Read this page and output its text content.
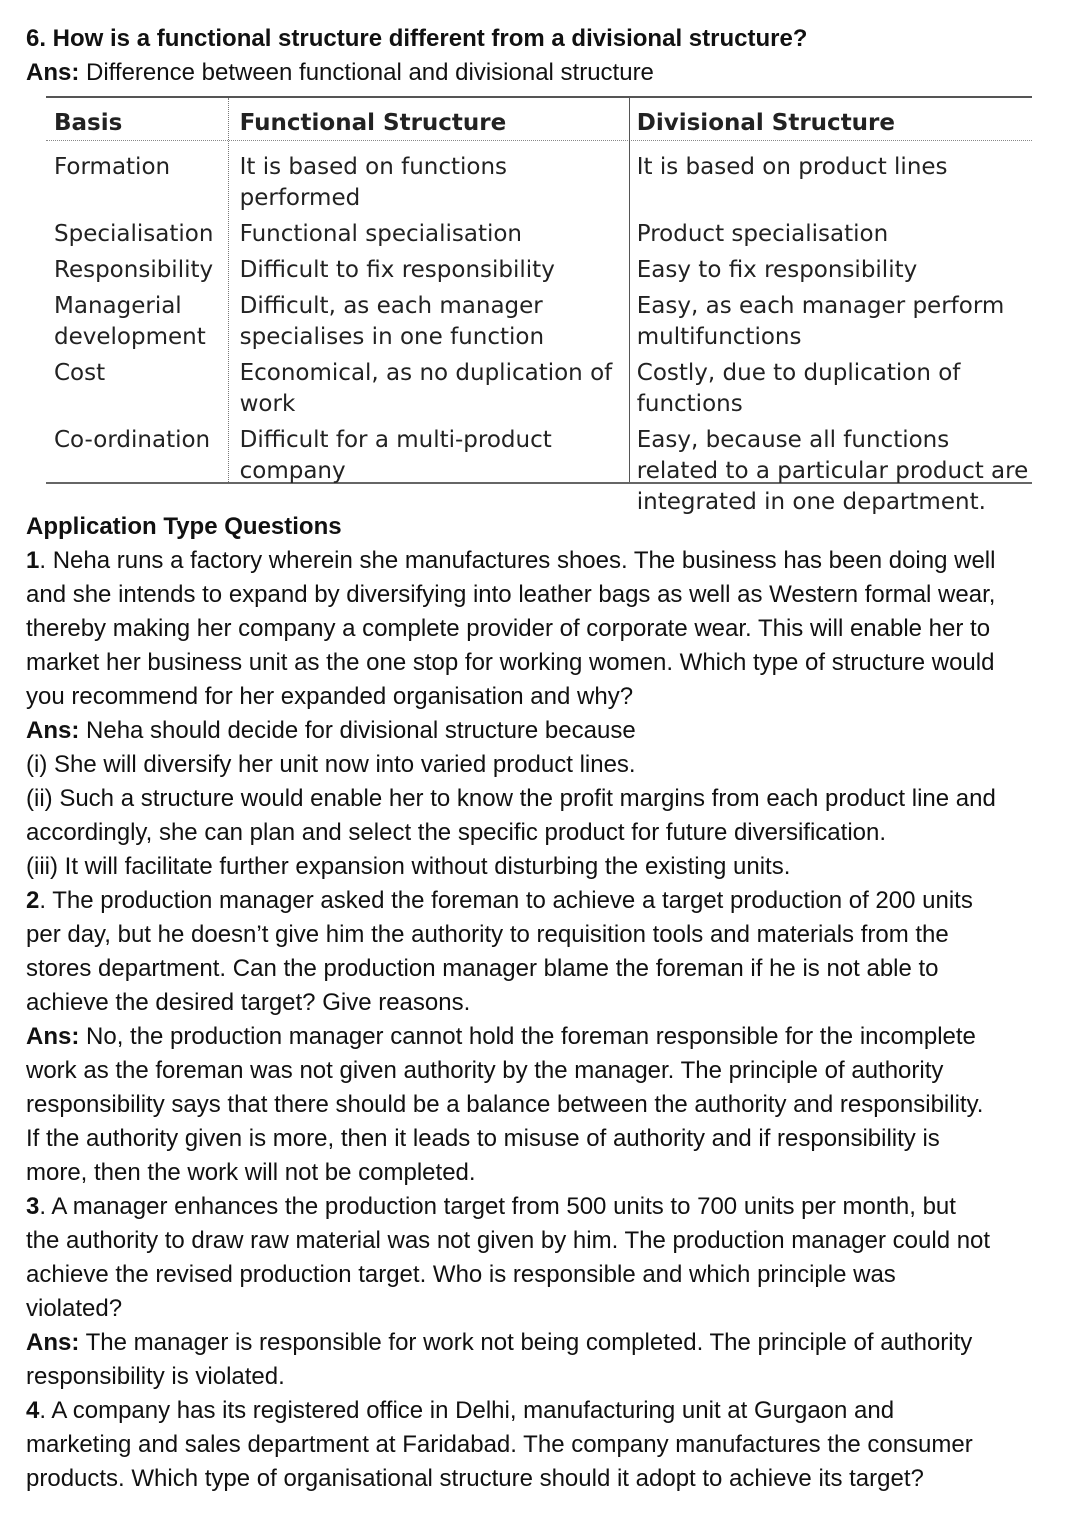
6. How is a functional structure different from a divisional structure?

Ans: Difference between functional and divisional structure

Basis	Functional Structure	Divisional Structure
Formation	It is based on functions performed	It is based on product lines
Specialisation	Functional specialisation	Product specialisation
Responsibility	Difficult to fix responsibility	Easy to fix responsibility
Managerial development	Difficult, as each manager specialises in one function	Easy, as each manager perform multifunctions
Cost	Economical, as no duplication of work	Costly, due to duplication of functions
Co-ordination	Difficult for a multi-product company	Easy, because all functions related to a particular product are integrated in one department.

Application Type Questions

1. Neha runs a factory wherein she manufactures shoes. The business has been doing well

and she intends to expand by diversifying into leather bags as well as Western formal wear,

thereby making her company a complete provider of corporate wear. This will enable her to

market her business unit as the one stop for working women. Which type of structure would

you recommend for her expanded organisation and why?

Ans: Neha should decide for divisional structure because

(i) She will diversify her unit now into varied product lines.

(ii) Such a structure would enable her to know the profit margins from each product line and

accordingly, she can plan and select the specific product for future diversification.

(iii) It will facilitate further expansion without disturbing the existing units.

2. The production manager asked the foreman to achieve a target production of 200 units

per day, but he doesn’t give him the authority to requisition tools and materials from the

stores department. Can the production manager blame the foreman if he is not able to

achieve the desired target? Give reasons.

Ans: No, the production manager cannot hold the foreman responsible for the incomplete

work as the foreman was not given authority by the manager. The principle of authority

responsibility says that there should be a balance between the authority and responsibility.

If the authority given is more, then it leads to misuse of authority and if responsibility is

more, then the work will not be completed.

3. A manager enhances the production target from 500 units to 700 units per month, but

the authority to draw raw material was not given by him. The production manager could not

achieve the revised production target. Who is responsible and which principle was

violated?

Ans: The manager is responsible for work not being completed. The principle of authority

responsibility is violated.

4. A company has its registered office in Delhi, manufacturing unit at Gurgaon and

marketing and sales department at Faridabad. The company manufactures the consumer

products. Which type of organisational structure should it adopt to achieve its target?
